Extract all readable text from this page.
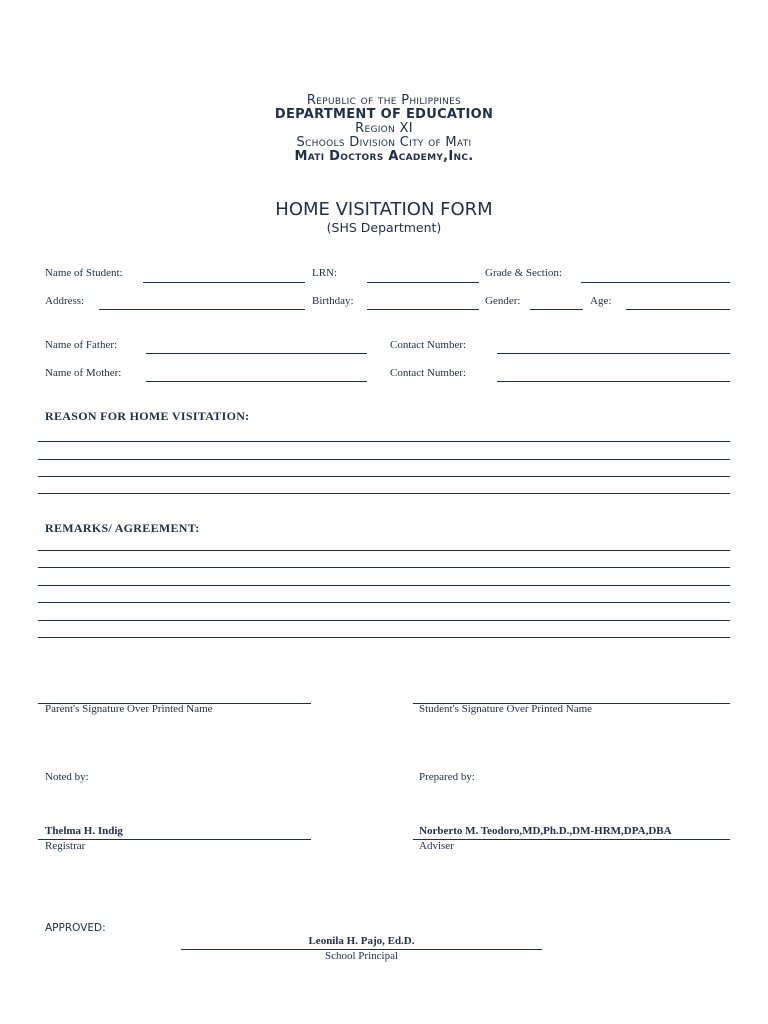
Republic of the Philippines
DEPARTMENT OF EDUCATION
Region XI
Schools Division City of Mati
Mati Doctors Academy,Inc.
HOME VISITATION FORM
(SHS Department)
Name of Student:	LRN:	Grade & Section:
Address:	Birthday:	Gender:	Age:
Name of Father:	Contact Number:
Name of Mother:	Contact Number:
REASON FOR HOME VISITATION:
REMARKS/ AGREEMENT:
Parent's Signature Over Printed Name	Student's Signature Over Printed Name
Noted by:	Prepared by:
Thelma H. Indig
Registrar
Norberto M. Teodoro,MD,Ph.D.,DM-HRM,DPA,DBA
Adviser
APPROVED:
Leonila H. Pajo, Ed.D.
School Principal
